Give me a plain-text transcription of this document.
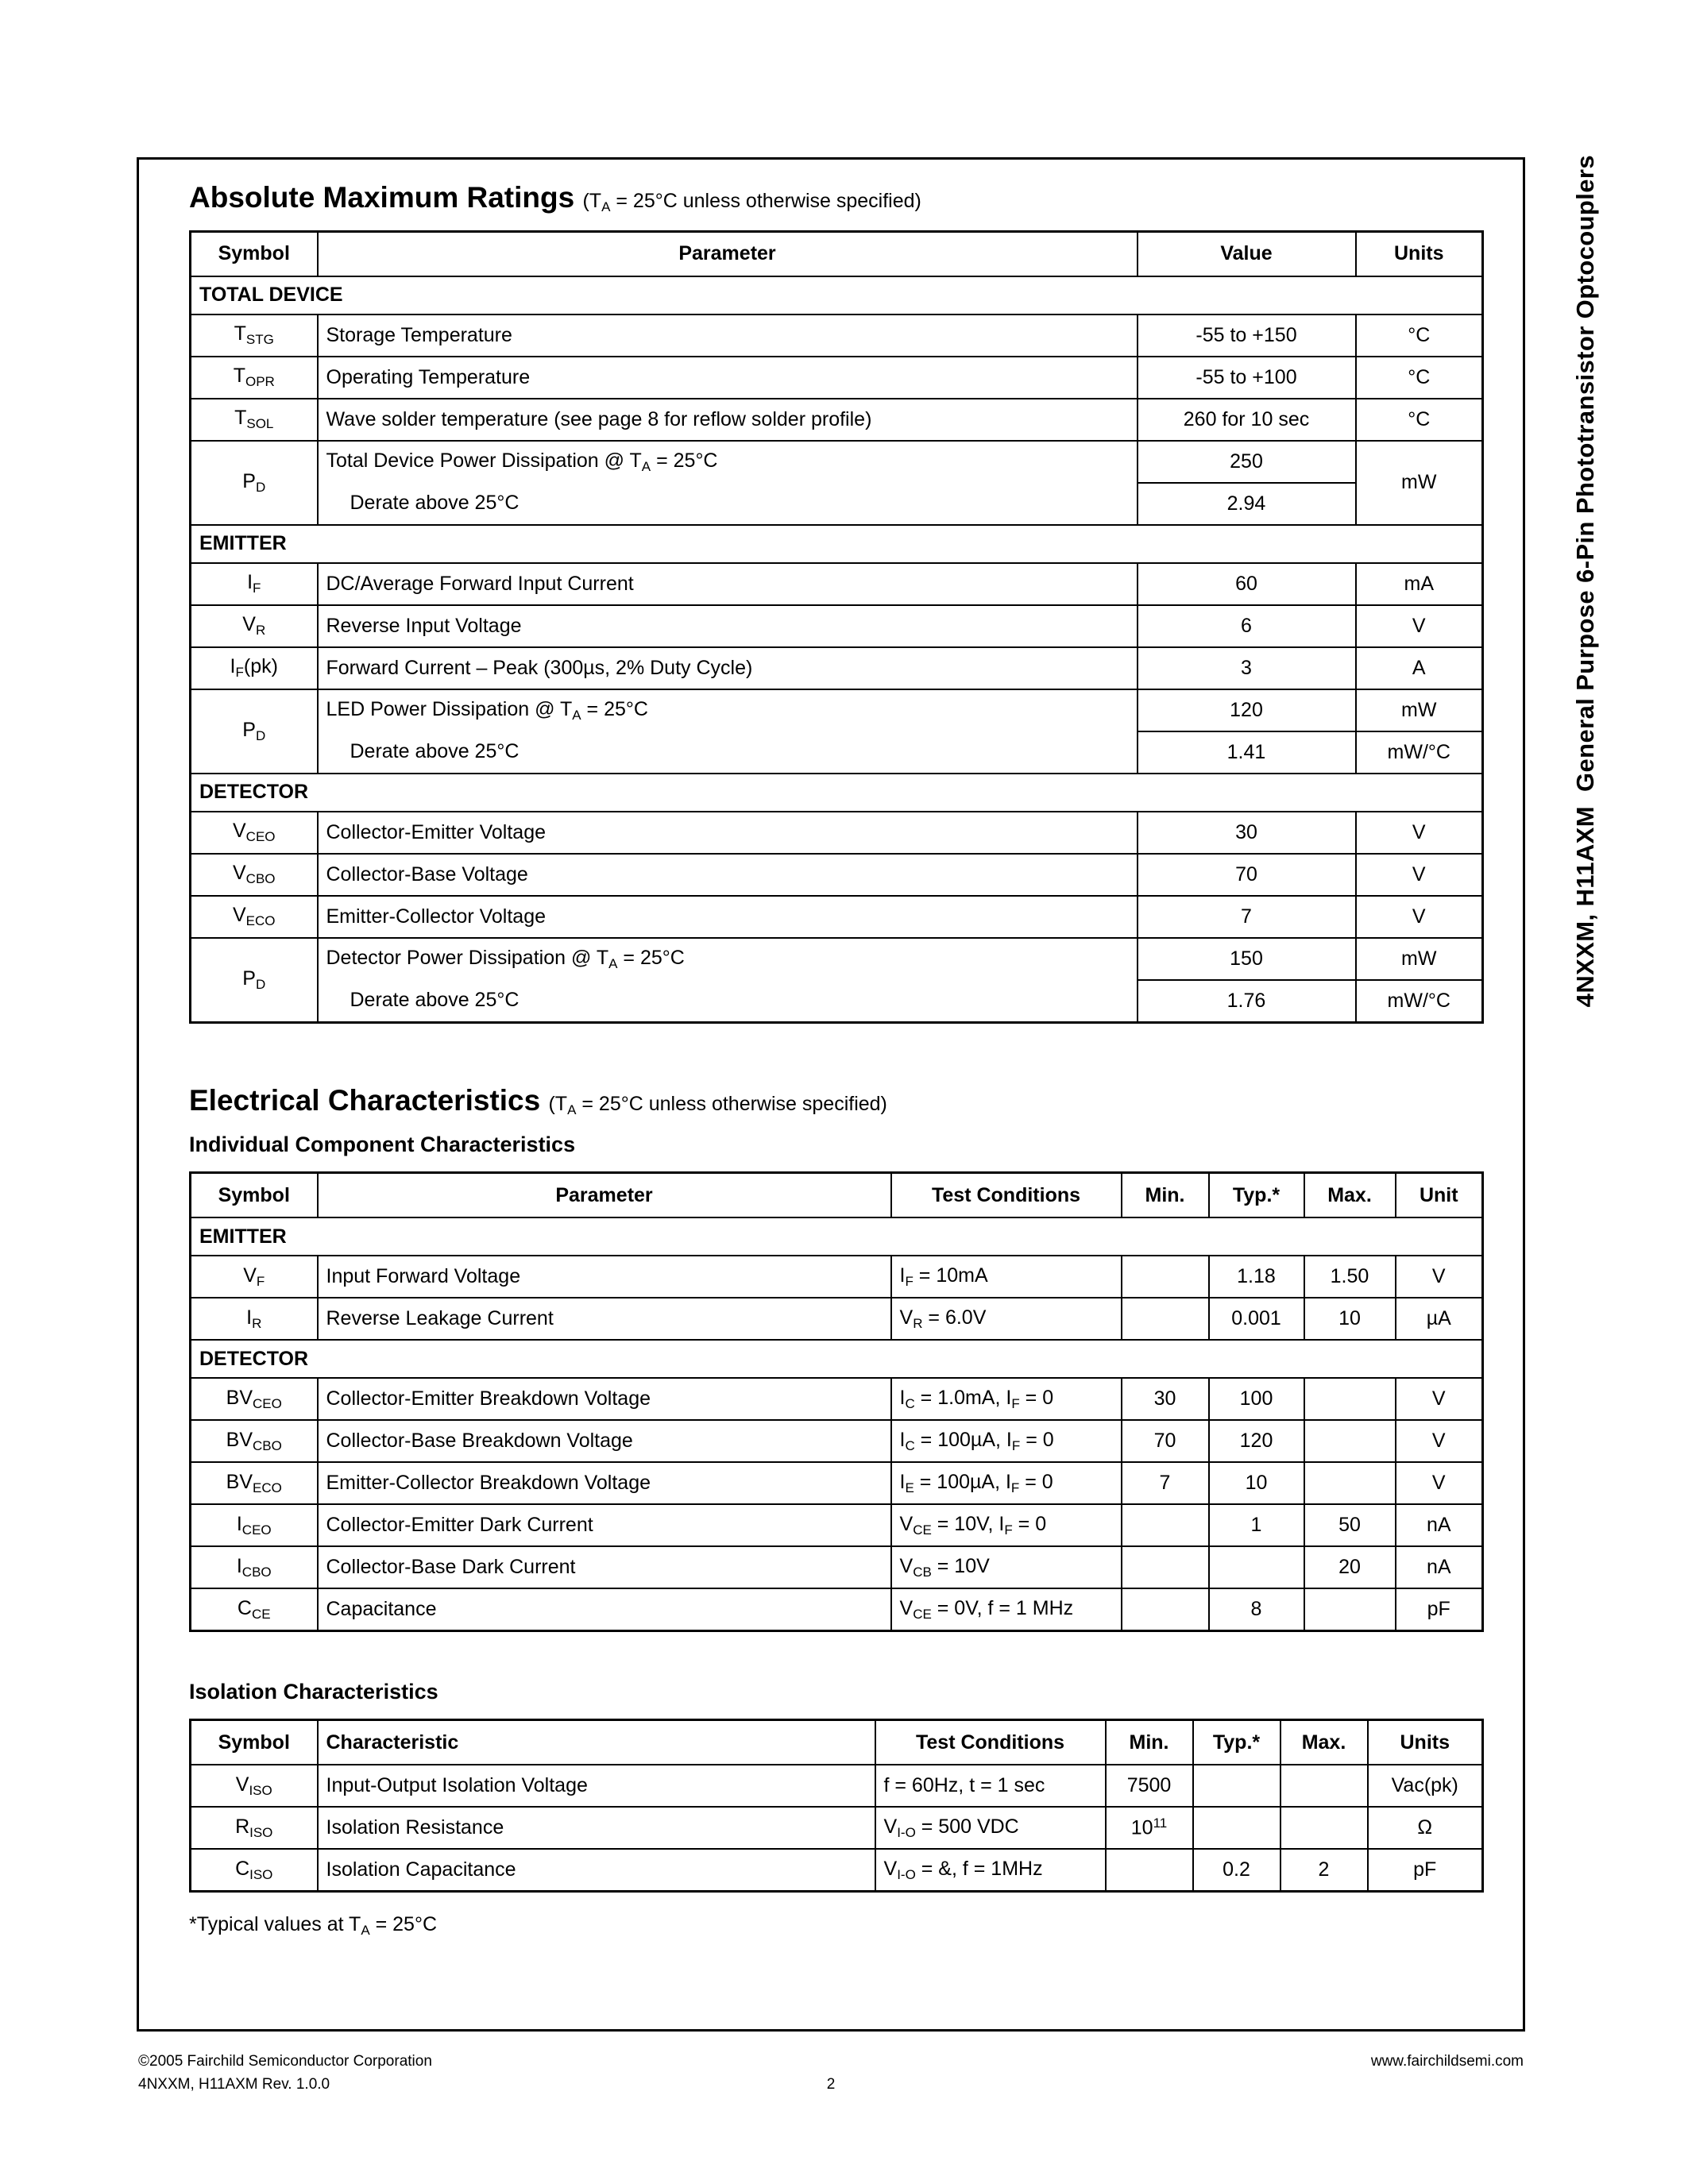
4NXXM, H11AXM  General Purpose 6-Pin Phototransistor Optocouplers
Absolute Maximum Ratings ($T_A = 25^\circ C$ unless otherwise specified)
Symbol	Parameter	Value	Units
TOTAL DEVICE			
$T_{STG}$	Storage Temperature	-55 to +150	°C
$T_{OPR}$	Operating Temperature	-55 to +100	°C
$T_{SOL}$	Wave solder temperature (see page 8 for reflow solder profile)	260 for 10 sec	°C
$P_D$	Total Device Power Dissipation @ $T_A = 25^\circ C$	250	mW
	Derate above 25°C	2.94	
EMITTER			
$I_F$	DC/Average Forward Input Current	60	mA
$V_R$	Reverse Input Voltage	6	V
$I_F(pk)$	Forward Current – Peak (300µs, 2% Duty Cycle)	3	A
$P_D$	LED Power Dissipation @ $T_A = 25^\circ C$	120	mW
	Derate above 25°C	1.41	mW/°C
DETECTOR			
$V_{CEO}$	Collector-Emitter Voltage	30	V
$V_{CBO}$	Collector-Base Voltage	70	V
$V_{ECO}$	Emitter-Collector Voltage	7	V
$P_D$	Detector Power Dissipation @ $T_A = 25^\circ C$	150	mW
	Derate above 25°C	1.76	mW/°C
Electrical Characteristics ($T_A = 25^\circ C$ unless otherwise specified)
Individual Component Characteristics
Symbol	Parameter	Test Conditions	Min.	Typ.*	Max.	Unit
EMITTER						
$V_F$	Input Forward Voltage	$I_F = 10mA$		1.18	1.50	V
$I_R$	Reverse Leakage Current	$V_R = 6.0V$		0.001	10	µA
DETECTOR						
$BV_{CEO}$	Collector-Emitter Breakdown Voltage	$I_C = 1.0mA$, $I_F = 0$	30	100		V
$BV_{CBO}$	Collector-Base Breakdown Voltage	$I_C = 100\mu A$, $I_F = 0$	70	120		V
$BV_{ECO}$	Emitter-Collector Breakdown Voltage	$I_E = 100\mu A$, $I_F = 0$	7	10		V
$I_{CEO}$	Collector-Emitter Dark Current	$V_{CE} = 10V$, $I_F = 0$		1	50	nA
$I_{CBO}$	Collector-Base Dark Current	$V_{CB} = 10V$			20	nA
$C_{CE}$	Capacitance	$V_{CE} = 0V$, f = 1 MHz		8		pF
Isolation Characteristics
Symbol	Characteristic	Test Conditions	Min.	Typ.*	Max.	Units
$V_{ISO}$	Input-Output Isolation Voltage	f = 60Hz, t = 1 sec	7500			Vac(pk)
$R_{ISO}$	Isolation Resistance	$V_{I-O} = 500$ VDC	$10^{11}$			Ω
$C_{ISO}$	Isolation Capacitance	$V_{I-O}$ = &, f = 1MHz		0.2	2	pF
*Typical values at $T_A = 25^\circ C$
©2005 Fairchild Semiconductor Corporation	www.fairchildsemi.com
4NXXM, H11AXM Rev. 1.0.0	2
